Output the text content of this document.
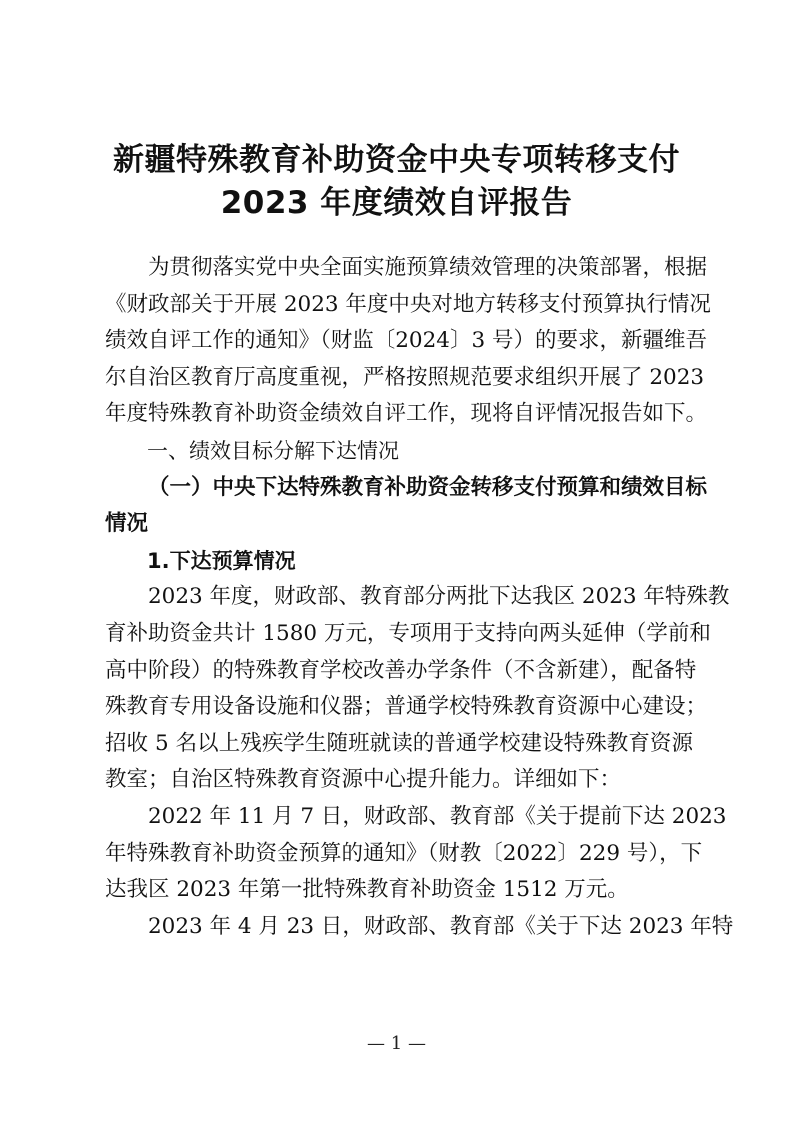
新疆特殊教育补助资金中央专项转移支付
2023 年度绩效自评报告
为贯彻落实党中央全面实施预算绩效管理的决策部署，根据
《财政部关于开展 2023 年度中央对地方转移支付预算执行情况
绩效自评工作的通知》（财监〔2024〕3 号）的要求，新疆维吾
尔自治区教育厅高度重视，严格按照规范要求组织开展了 2023
年度特殊教育补助资金绩效自评工作，现将自评情况报告如下。
一、绩效目标分解下达情况
（一）中央下达特殊教育补助资金转移支付预算和绩效目标
情况
1.下达预算情况
2023 年度，财政部、教育部分两批下达我区 2023 年特殊教
育补助资金共计 1580 万元，专项用于支持向两头延伸（学前和
高中阶段）的特殊教育学校改善办学条件（不含新建），配备特
殊教育专用设备设施和仪器；普通学校特殊教育资源中心建设；
招收 5 名以上残疾学生随班就读的普通学校建设特殊教育资源
教室；自治区特殊教育资源中心提升能力。详细如下：
2022 年 11 月 7 日，财政部、教育部《关于提前下达 2023
年特殊教育补助资金预算的通知》（财教〔2022〕229 号），下
达我区 2023 年第一批特殊教育补助资金 1512 万元。
2023 年 4 月 23 日，财政部、教育部《关于下达 2023 年特
— 1 —
